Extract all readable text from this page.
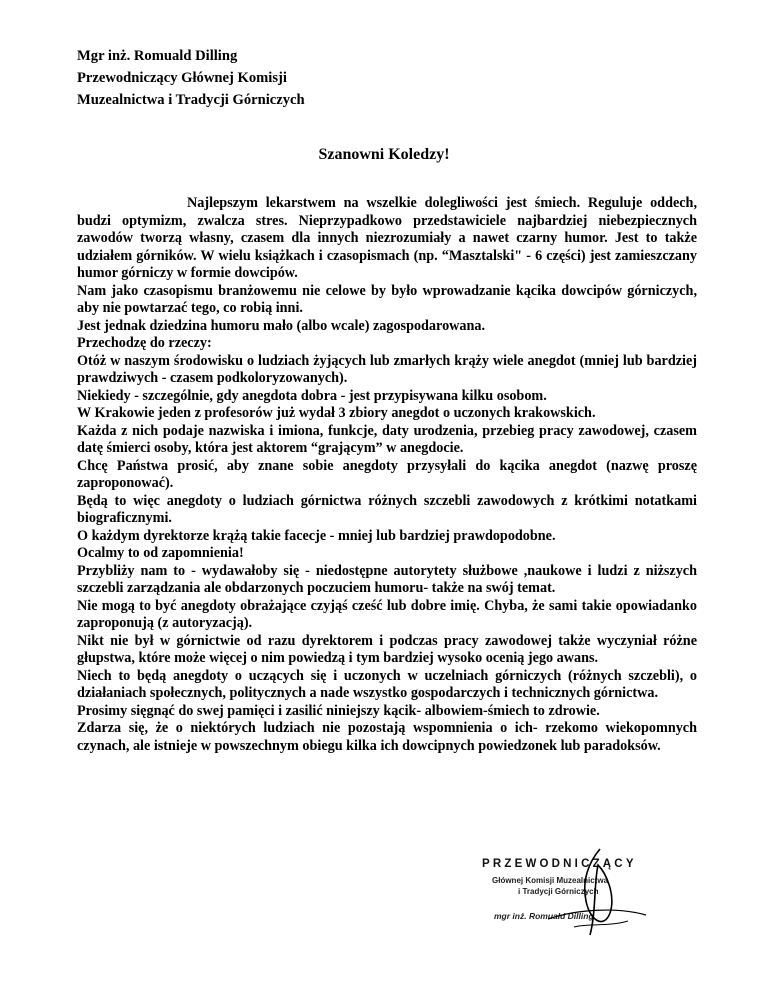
Mgr inż. Romuald Dilling
Przewodniczący Głównej Komisji
Muzealnictwa i Tradycji Górniczych
Szanowni Koledzy!

Najlepszym lekarstwem na wszelkie dolegliwości jest śmiech. Reguluje oddech, budzi optymizm, zwalcza stres. Nieprzypadkowo przedstawiciele najbardziej niebezpiecznych zawodów tworzą własny, czasem dla innych niezrozumiały a nawet czarny humor. Jest to także udziałem górników. W wielu książkach i czasopismach (np. “Masztalski" - 6 części) jest zamieszczany humor górniczy w formie dowcipów.

Nam jako czasopismu branżowemu nie celowe by było wprowadzanie kącika dowcipów górniczych, aby nie powtarzać tego, co robią inni.

Jest jednak dziedzina humoru mało (albo wcale) zagospodarowana.

Przechodzę do rzeczy:

Otóż w naszym środowisku o ludziach żyjących lub zmarłych krąży wiele anegdot (mniej lub bardziej prawdziwych - czasem podkoloryzowanych).

Niekiedy - szczególnie, gdy anegdota dobra - jest przypisywana kilku osobom.

W Krakowie jeden z profesorów już wydał 3 zbiory anegdot o uczonych krakowskich.

Każda z nich podaje nazwiska i imiona, funkcje, daty urodzenia, przebieg pracy zawodowej, czasem datę śmierci osoby, która jest aktorem “grającym” w anegdocie.

Chcę Państwa prosić, aby znane sobie anegdoty przysyłali do kącika anegdot (nazwę proszę zaproponować).

Będą to więc anegdoty o ludziach górnictwa różnych szczebli zawodowych z krótkimi notatkami biograficznymi.

O każdym dyrektorze krążą takie facecje - mniej lub bardziej prawdopodobne.

Ocalmy to od zapomnienia!

Przybliży nam to - wydawałoby się - niedostępne autorytety służbowe ,naukowe i ludzi z niższych szczebli zarządzania ale obdarzonych poczuciem humoru- także na swój temat.

Nie mogą to być anegdoty obrażające czyjąś cześć lub dobre imię. Chyba, że sami takie opowiadanko zaproponują (z autoryzacją).

Nikt nie był w górnictwie od razu dyrektorem i podczas pracy zawodowej także wyczyniał różne głupstwa, które może więcej o nim powiedzą i tym bardziej wysoko ocenią jego awans.

Niech to będą anegdoty o uczących się i uczonych w uczelniach górniczych (różnych szczebli), o działaniach społecznych, politycznych a nade wszystko gospodarczych i technicznych górnictwa.

Prosimy sięgnąć do swej pamięci i zasilić niniejszy kącik- albowiem-śmiech to zdrowie.

Zdarza się, że o niektórych ludziach nie pozostają wspomnienia o ich- rzekomo wiekopomnych czynach, ale istnieje w powszechnym obiegu kilka ich dowcipnych powiedzonek lub paradoksów.

PRZEWODNICZĄCY
Głównej Komisji Muzealnictwa
i Tradycji Górniczych
mgr inż. Romuald Dilling
